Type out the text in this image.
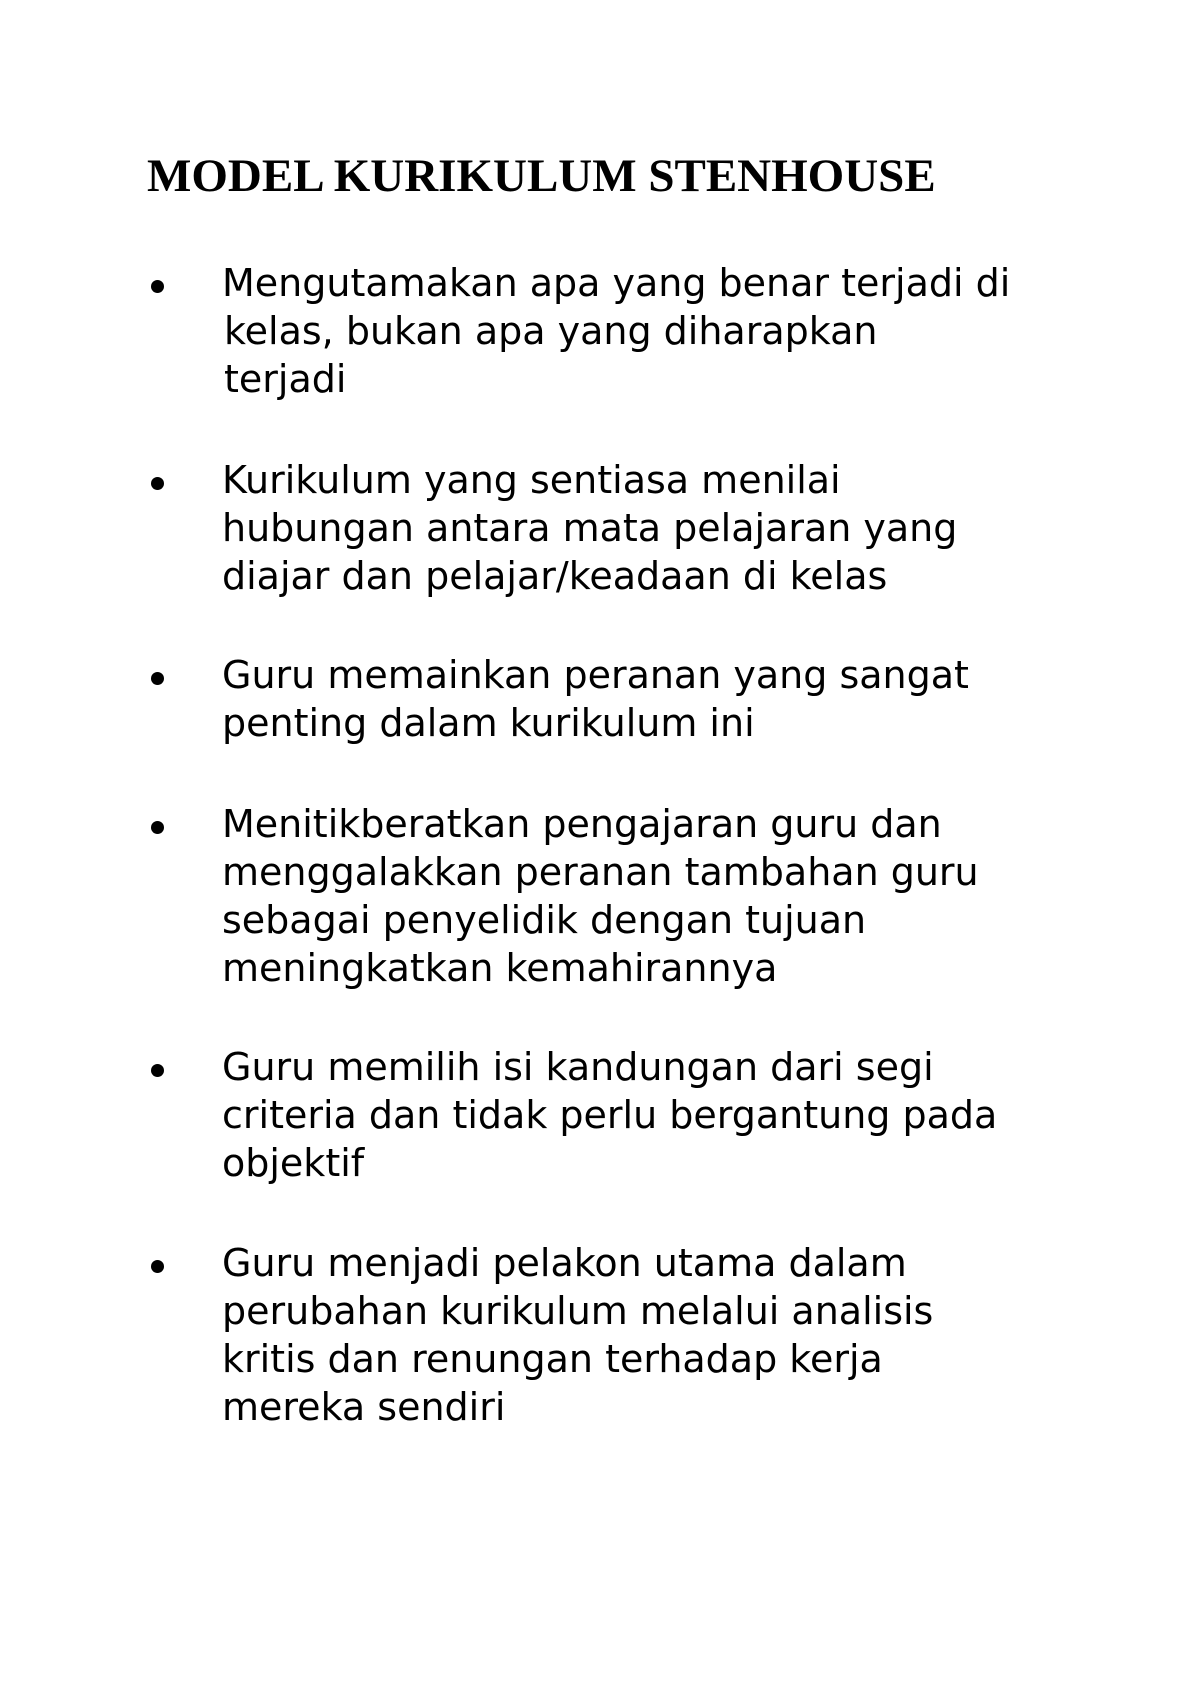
MODEL KURIKULUM STENHOUSE

Mengutamakan apa yang benar terjadi di
kelas, bukan apa yang diharapkan
terjadi

Kurikulum yang sentiasa menilai
hubungan antara mata pelajaran yang
diajar dan pelajar/keadaan di kelas

Guru memainkan peranan yang sangat
penting dalam kurikulum ini

Menitikberatkan pengajaran guru dan
menggalakkan peranan tambahan guru
sebagai penyelidik dengan tujuan
meningkatkan kemahirannya

Guru memilih isi kandungan dari segi
criteria dan tidak perlu bergantung pada
objektif

Guru menjadi pelakon utama dalam
perubahan kurikulum melalui analisis
kritis dan renungan terhadap kerja
mereka sendiri
